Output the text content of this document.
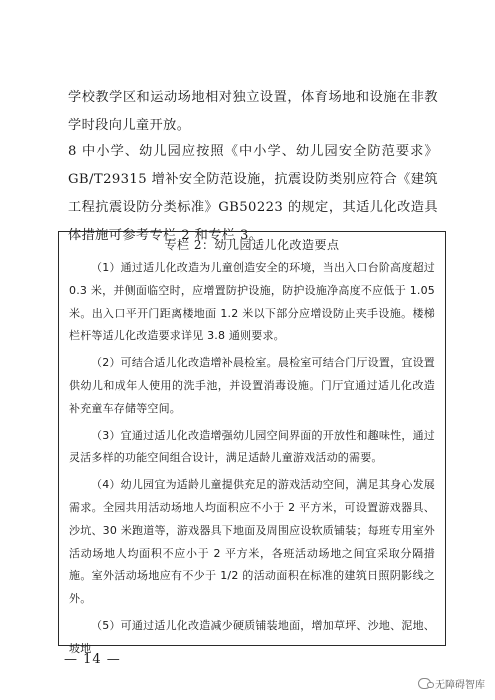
学校教学区和运动场地相对独立设置，体育场地和设施在非教学时段向儿童开放。

8 中小学、幼儿园应按照《中小学、幼儿园安全防范要求》GB/T29315 增补安全防范设施，抗震设防类别应符合《建筑工程抗震设防分类标准》GB50223 的规定，其适儿化改造具体措施可参考专栏 2 和专栏 3。

专栏 2：幼儿园适儿化改造要点

（1）通过适儿化改造为儿童创造安全的环境，当出入口台阶高度超过 0.3 米，并侧面临空时，应增置防护设施，防护设施净高度不应低于 1.05 米。出入口平开门距离楼地面 1.2 米以下部分应增设防止夹手设施。楼梯栏杆等适儿化改造要求详见 3.8 通则要求。

（2）可结合适儿化改造增补晨检室。晨检室可结合门厅设置，宜设置供幼儿和成年人使用的洗手池，并设置消毒设施。门厅宜通过适儿化改造补充童车存储等空间。

（3）宜通过适儿化改造增强幼儿园空间界面的开放性和趣味性，通过灵活多样的功能空间组合设计，满足适龄儿童游戏活动的需要。

（4）幼儿园宜为适龄儿童提供充足的游戏活动空间，满足其身心发展需求。全园共用活动场地人均面积应不小于 2 平方米，可设置游戏器具、沙坑、30 米跑道等，游戏器具下地面及周围应设软质铺装；每班专用室外活动场地人均面积不应小于 2 平方米，各班活动场地之间宜采取分隔措施。室外活动场地应有不少于 1/2 的活动面积在标准的建筑日照阴影线之外。

（5）可通过适儿化改造减少硬质铺装地面，增加草坪、沙地、泥地、坡地

— 14 —
无障碍智库
